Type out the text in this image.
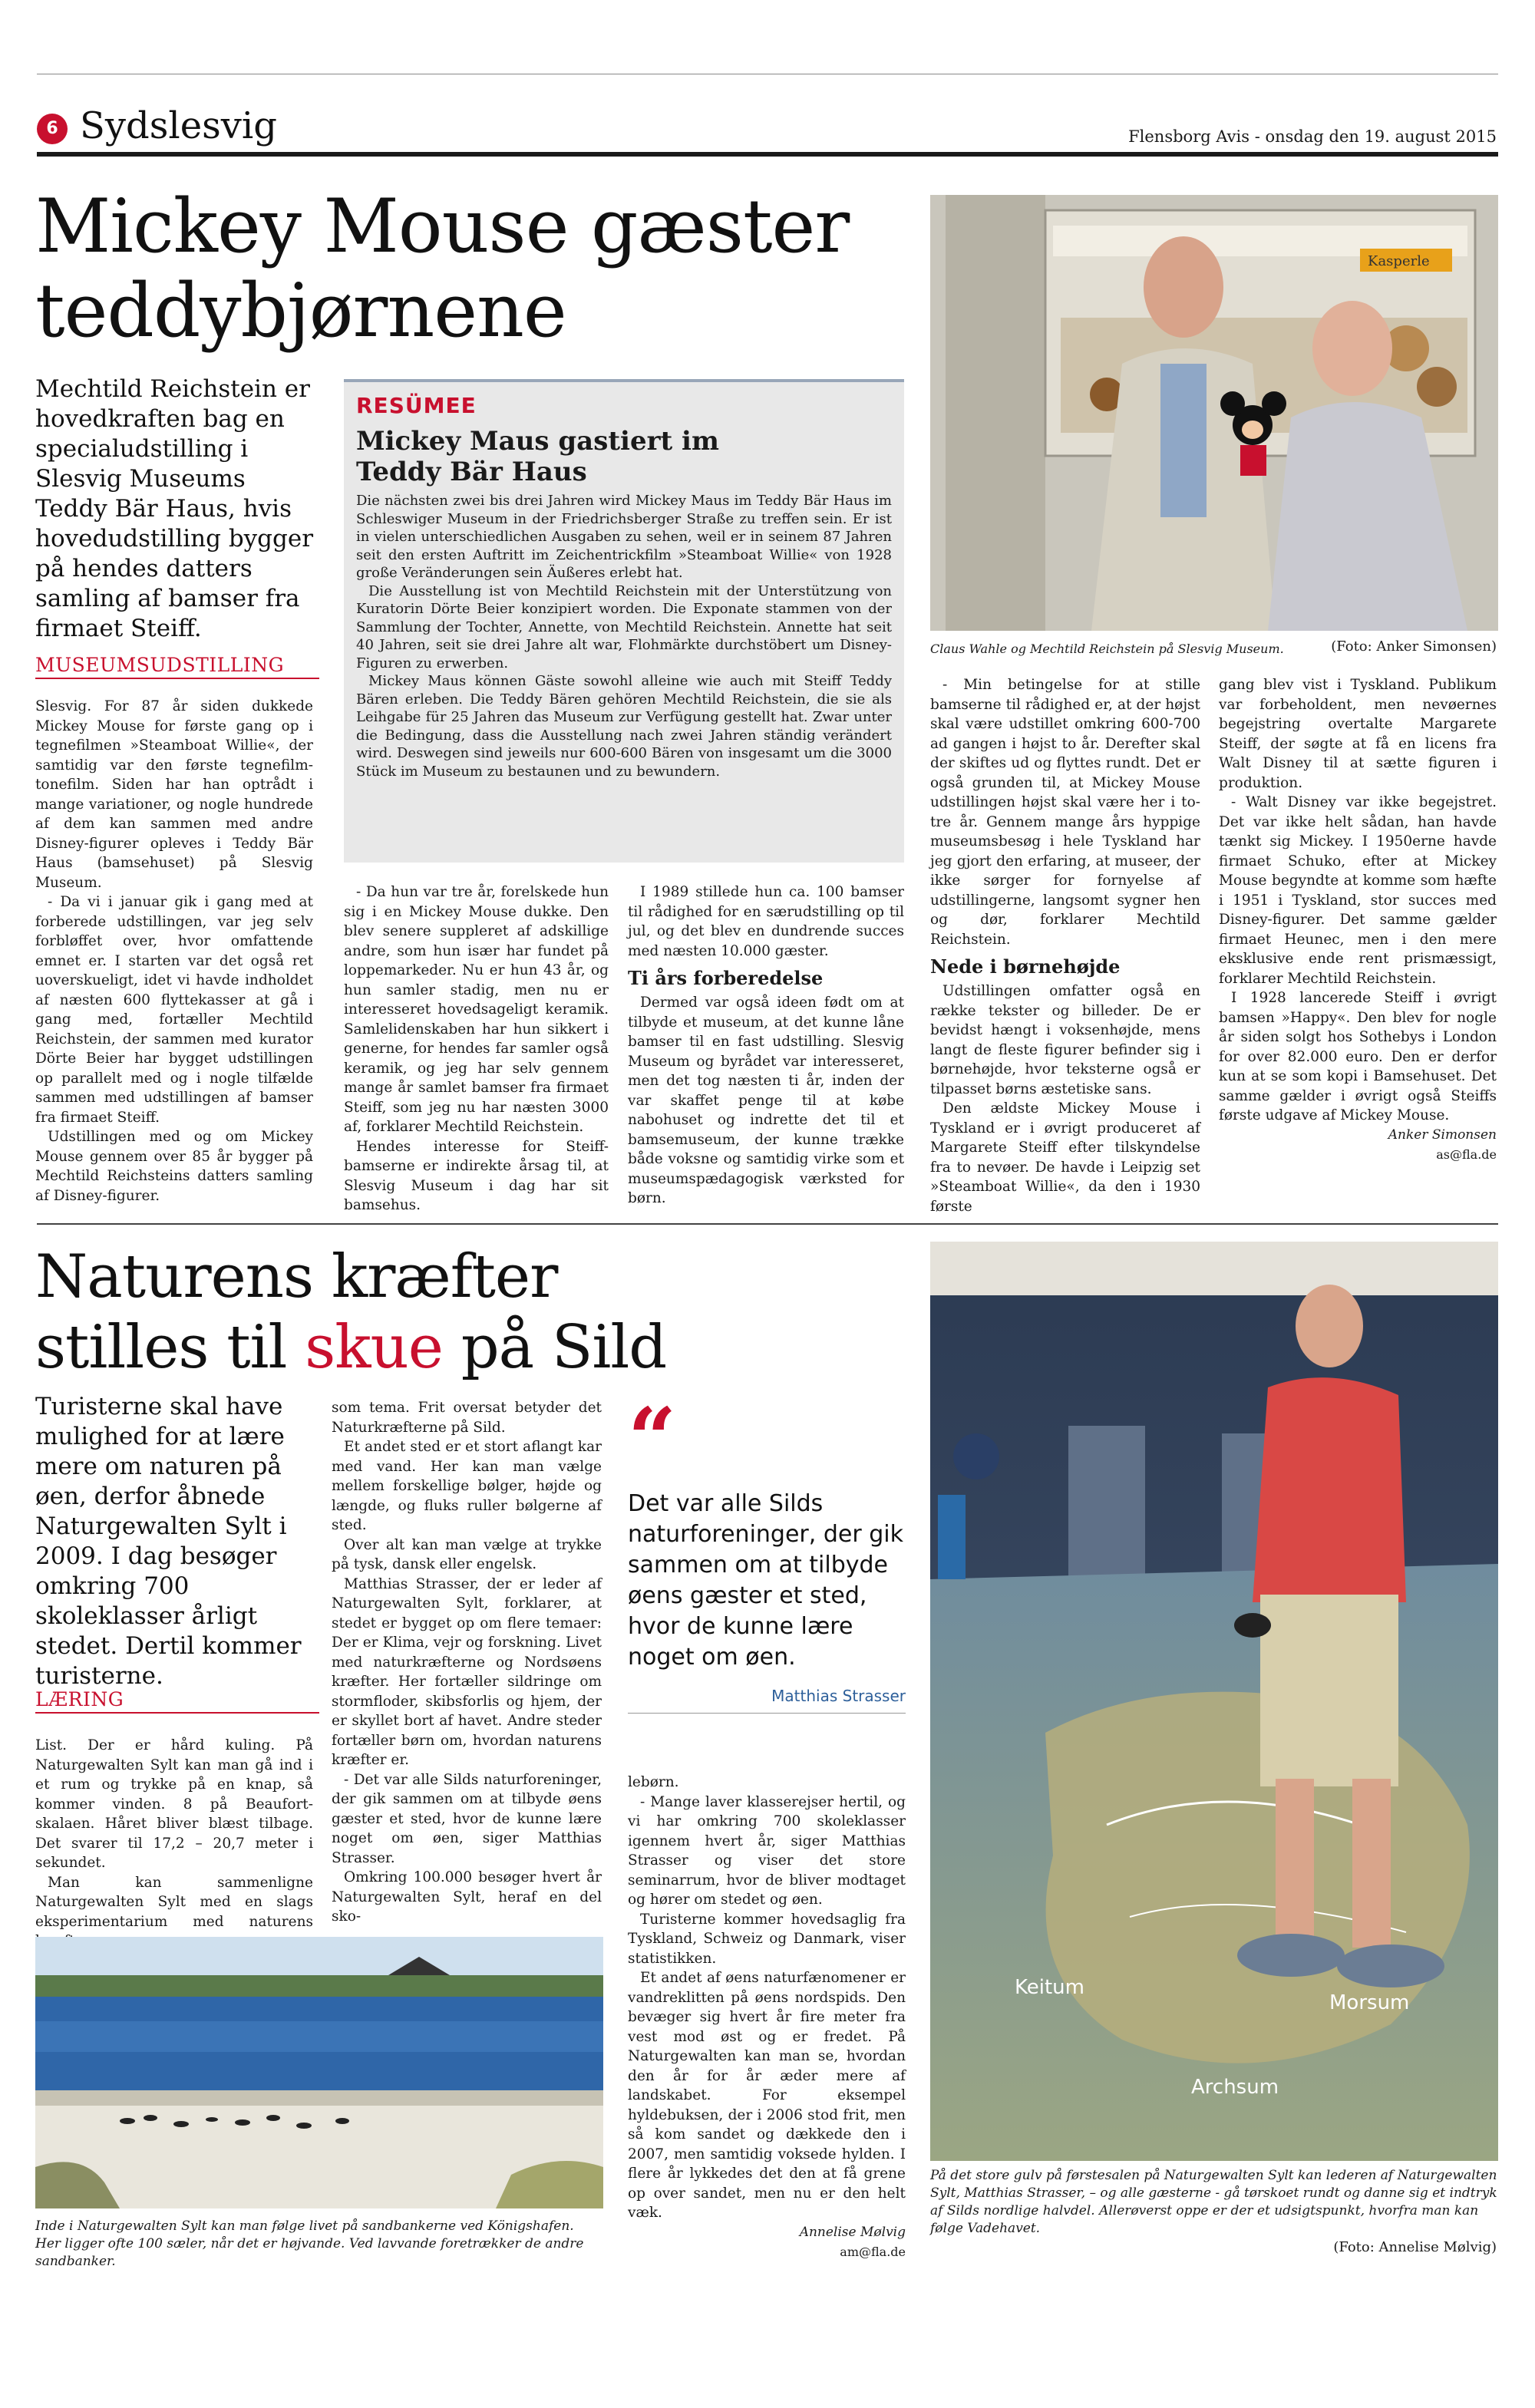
6 Sydslesvig	Flensborg Avis - onsdag den 19. august 2015
Mickey Mouse gæster
teddybjørnene
Mechtild Reichstein er hovedkraften bag en specialudstilling i Slesvig Museums Teddy Bär Haus, hvis hovedudstilling bygger på hendes datters samling af bamser fra firmaet Steiff.
MUSEUMSUDSTILLING

Slesvig. For 87 år siden dukkede Mickey Mouse for første gang op i tegnefilmen »Steamboat Willie«, der samtidig var den første tegnefilm-tonefilm. Siden har han optrådt i mange variationer, og nogle hundrede af dem kan sammen med andre Disney-figurer opleves i Teddy Bär Haus (bamsehuset) på Slesvig Museum.

- Da vi i januar gik i gang med at forberede udstillingen, var jeg selv forbløffet over, hvor omfattende emnet er. I starten var det også ret uoverskueligt, idet vi havde indholdet af næsten 600 flyttekasser at gå i gang med, fortæller Mechtild Reichstein, der sammen med kurator Dörte Beier har bygget udstillingen op parallelt med og i nogle tilfælde sammen med udstillingen af bamser fra firmaet Steiff.

Udstillingen med og om Mickey Mouse gennem over 85 år bygger på Mechtild Reichsteins datters samling af Disney-figurer.

RESÜMEE
Mickey Maus gastiert im
Teddy Bär Haus

Die nächsten zwei bis drei Jahren wird Mickey Maus im Teddy Bär Haus im Schleswiger Museum in der Friedrichsberger Straße zu treffen sein. Er ist in vielen unterschiedlichen Ausgaben zu sehen, weil er in seinem 87 Jahren seit den ersten Auftritt im Zeichentrickfilm »Steamboat Willie« von 1928 große Veränderungen sein Äußeres erlebt hat.

Die Ausstellung ist von Mechtild Reichstein mit der Unterstützung von Kuratorin Dörte Beier konzipiert worden. Die Exponate stammen von der Sammlung der Tochter, Annette, von Mechtild Reichstein. Annette hat seit 40 Jahren, seit sie drei Jahre alt war, Flohmärkte durchstöbert um Disney-Figuren zu erwerben.

Mickey Maus können Gäste sowohl alleine wie auch mit Steiff Teddy Bären erleben. Die Teddy Bären gehören Mechtild Reichstein, die sie als Leihgabe für 25 Jahren das Museum zur Verfügung gestellt hat. Zwar unter die Bedingung, dass die Ausstellung nach zwei Jahren ständig verändert wird. Deswegen sind jeweils nur 600-600 Bären von insgesamt um die 3000 Stück im Museum zu bestaunen und zu bewundern.

- Da hun var tre år, forelskede hun sig i en Mickey Mouse dukke. Den blev senere suppleret af adskillige andre, som hun især har fundet på loppemarkeder. Nu er hun 43 år, og hun samler stadig, men nu er interesseret hovedsageligt keramik. Samlelidenskaben har hun sikkert i generne, for hendes far samler også keramik, og jeg har selv gennem mange år samlet bamser fra firmaet Steiff, som jeg nu har næsten 3000 af, forklarer Mechtild Reichstein.

Hendes interesse for Steiff-bamserne er indirekte årsag til, at Slesvig Museum i dag har sit bamsehus.

I 1989 stillede hun ca. 100 bamser til rådighed for en særudstilling op til jul, og det blev en dundrende succes med næsten 10.000 gæster.

Ti års forberedelse

Dermed var også ideen født om at tilbyde et museum, at det kunne låne bamser til en fast udstilling. Slesvig Museum og byrådet var interesseret, men det tog næsten ti år, inden der var skaffet penge til at købe nabohuset og indrette det til et bamsemuseum, der kunne trække både voksne og samtidig virke som et museumspædagogisk værksted for børn.

Kasperle
Claus Wahle og Mechtild Reichstein på Slesvig Museum.	(Foto: Anker Simonsen)

- Min betingelse for at stille bamserne til rådighed er, at der højst skal være udstillet omkring 600-700 ad gangen i højst to år. Derefter skal der skiftes ud og flyttes rundt. Det er også grunden til, at Mickey Mouse udstillingen højst skal være her i to-tre år. Gennem mange års hyppige museumsbesøg i hele Tyskland har jeg gjort den erfaring, at museer, der ikke sørger for fornyelse af udstillingerne, langsomt sygner hen og dør, forklarer Mechtild Reichstein.

Nede i børnehøjde

Udstillingen omfatter også en række tekster og billeder. De er bevidst hængt i voksenhøjde, mens langt de fleste figurer befinder sig i børnehøjde, hvor teksterne også er tilpasset børns æstetiske sans.

Den ældste Mickey Mouse i Tyskland er i øvrigt produceret af Margarete Steiff efter tilskyndelse fra to nevøer. De havde i Leipzig set »Steamboat Willie«, da den i 1930 første

gang blev vist i Tyskland. Publikum var forbeholdent, men nevøernes begejstring overtalte Margarete Steiff, der søgte at få en licens fra Walt Disney til at sætte figuren i produktion.

- Walt Disney var ikke begejstret. Det var ikke helt sådan, han havde tænkt sig Mickey. I 1950erne havde firmaet Schuko, efter at Mickey Mouse begyndte at komme som hæfte i 1951 i Tyskland, stor succes med Disney-figurer. Det samme gælder firmaet Heunec, men i den mere eksklusive ende rent prismæssigt, forklarer Mechtild Reichstein.

I 1928 lancerede Steiff i øvrigt bamsen »Happy«. Den blev for nogle år siden solgt hos Sothebys i London for over 82.000 euro. Den er derfor kun at se som kopi i Bamsehuset. Det samme gælder i øvrigt også Steiffs første udgave af Mickey Mouse.

Anker Simonsen
as@fla.de
Naturens kræfter
stilles til skue på Sild
Turisterne skal have mulighed for at lære mere om naturen på øen, derfor åbnede Naturgewalten Sylt i 2009. I dag besøger omkring 700 skoleklasser årligt stedet. Dertil kommer turisterne.
LÆRING

List. Der er hård kuling. På Naturgewalten Sylt kan man gå ind i et rum og trykke på en knap, så kommer vinden. 8 på Beaufort-skalaen. Håret bliver blæst tilbage. Det svarer til 17,2 – 20,7 meter i sekundet.

Man kan sammenligne Naturgewalten Sylt med en slags eksperimentarium med naturens

som tema. Frit oversat betyder det Naturkræfterne på Sild.

Et andet sted er et stort aflangt kar med vand. Her kan man vælge mellem forskellige bølger, højde og længde, og fluks ruller bølgerne af sted.

Over alt kan man vælge at trykke på tysk, dansk eller engelsk.

Matthias Strasser, der er leder af Naturgewalten Sylt, forklarer, at stedet er bygget op om flere temaer: Der er Klima, vejr og forskning. Livet med naturkræfterne og Nordsøens kræfter. Her fortæller sildringe om stormfloder, skibsforlis og hjem, der er skyllet bort af havet. Andre steder fortæller børn om, hvordan naturens kræfter er.

- Det var alle Silds naturforeninger, der gik sammen om at tilbyde øens gæster et sted, hvor de kunne lære noget om øen, siger Matthias Strasser.

Omkring 100.000 besøger hvert år Naturgewalten Sylt, heraf en del sko-

“
Det var alle Silds naturforeninger, der gik sammen om at tilbyde øens gæster et sted, hvor de kunne lære noget om øen.
Matthias Strasser

lebørn.

- Mange laver klasserejser hertil, og vi har omkring 700 skoleklasser igennem hvert år, siger Matthias Strasser og viser det store seminarrum, hvor de bliver modtaget og hører om stedet og øen.

Turisterne kommer hovedsaglig fra Tyskland, Schweiz og Danmark, viser statistikken.

Et andet af øens naturfænomener er vandreklitten på øens nordspids. Den bevæger sig hvert år fire meter fra vest mod øst og er fredet. På Naturgewalten kan man se, hvordan den år for år æder mere af landskabet. For eksempel hyldebuksen, der i 2006 stod frit, men så kom sandet og dækkede den i 2007, men samtidig voksede hylden. I flere år lykkedes det den at få grene op over sandet, men nu er den helt væk.

Annelise Mølvig
am@fla.de
Inde i Naturgewalten Sylt kan man følge livet på sandbankerne ved Königshafen. Her ligger ofte 100 sæler, når det er højvande. Ved lavvande foretrækker de andre sandbanker.
Keitum
Morsum
Archsum
På det store gulv på førstesalen på Naturgewalten Sylt kan lederen af Naturgewalten Sylt, Matthias Strasser, – og alle gæsterne - gå tørskoet rundt og danne sig et indtryk af Silds nordlige halvdel. Allerøverst oppe er der et udsigtspunkt, hvorfra man kan følge Vadehavet.
(Foto: Annelise Mølvig)
